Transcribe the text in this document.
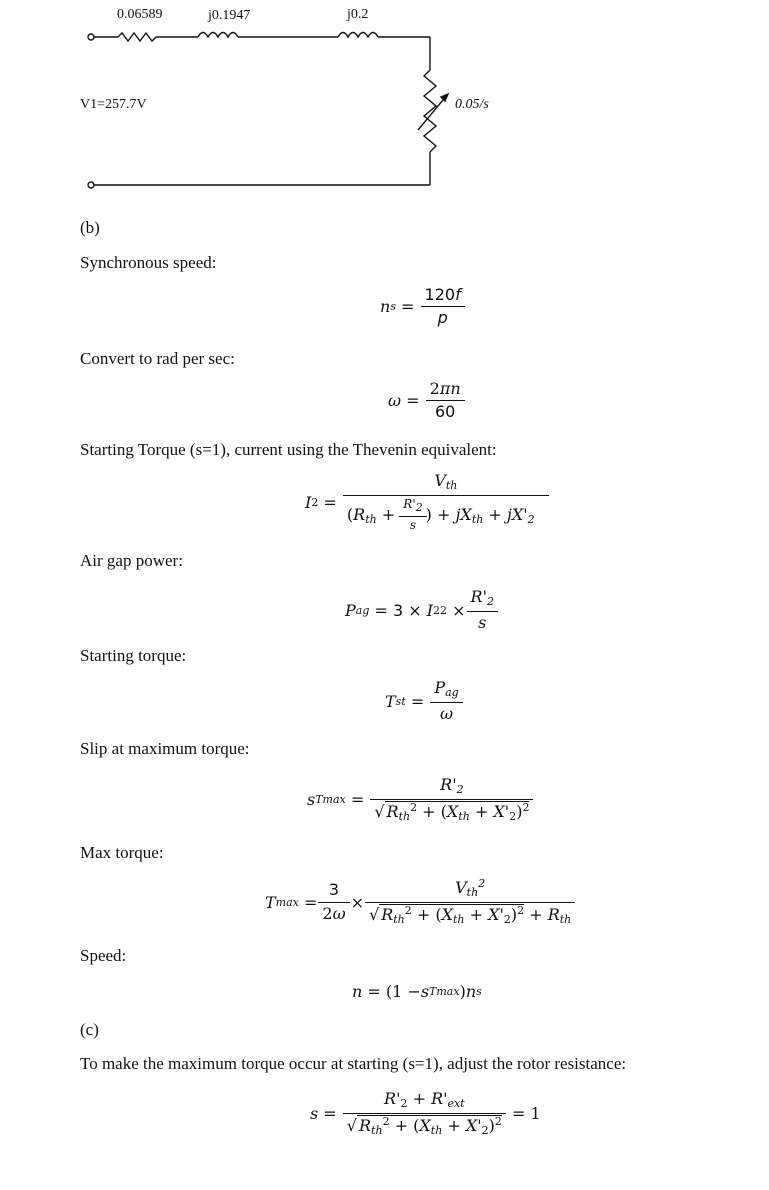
0.06589	j0.1947	j0.2
V1=257.7V	0.05/s
(b)
Synchronous speed:
n $s = \frac{120f}{p}$
Convert to rad per sec:
$\omega = \frac{2\pi n}{60}$
Starting Torque (s=1), current using the Thevenin equivalent:
I $2 = \frac{V_{th}}{(R_{th} + \frac{R'2}{s} ) + jX_{th} + jX'_2}$
Air gap power:
P ag = 3 ×
I 2 $2 \times \frac{R'_2}{s}$
Starting torque:
T st = $\frac{P_{ag}}{\omega}$
Slip at maximum torque:
s $Tmax = \frac{R'_2}{√ R_{th}^2 + (X_{th} + X'_2)^2}$
Max torque:
T $\max = \frac{3}{2\omega} \times \frac{V_{th}^2}{√ R_{th}^2 + (X_{th} + X'_2)^2 + R_{th}}$
Speed:
n = (1 − s Tmax ) n s
(c)
To make the maximum torque occur at starting (s=1), adjust the rotor resistance:
$s = \frac{R'_2 + R'_{ext}}{√ R_{th}^2 + (X_{th} + X'_2)^2} = 1$
